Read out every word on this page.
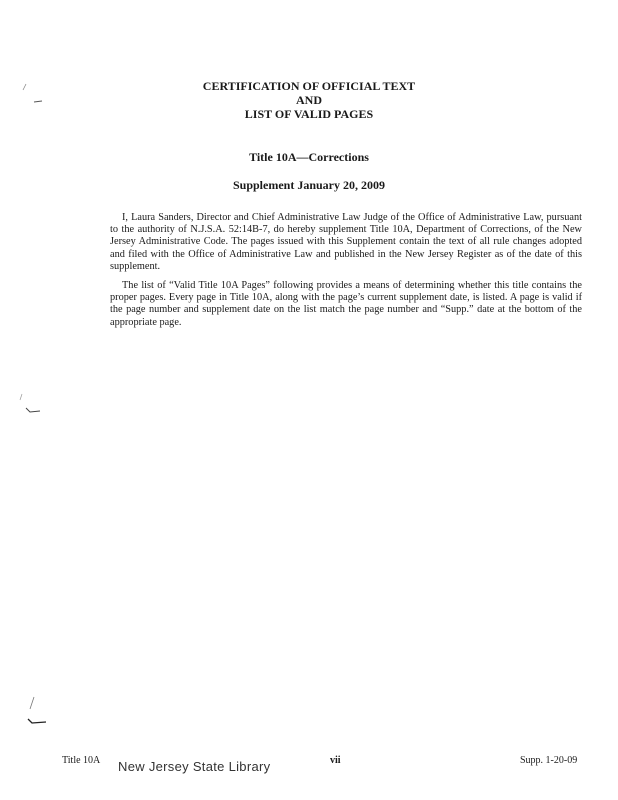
CERTIFICATION OF OFFICIAL TEXT
AND
LIST OF VALID PAGES
Title 10A—Corrections
Supplement January 20, 2009

I, Laura Sanders, Director and Chief Administrative Law Judge of the Office of Administrative Law, pursuant to the authority of N.J.S.A. 52:14B-7, do hereby supplement Title 10A, Department of Corrections, of the New Jersey Administrative Code. The pages issued with this Supplement contain the text of all rule changes adopted and filed with the Office of Administrative Law and published in the New Jersey Register as of the date of this supplement.

The list of “Valid Title 10A Pages” following provides a means of determining whether this title contains the proper pages. Every page in Title 10A, along with the page’s current supplement date, is listed. A page is valid if the page number and supplement date on the list match the page number and “Supp.” date at the bottom of the appropriate page.

Title 10A New Jersey State Library	vii	Supp. 1-20-09
